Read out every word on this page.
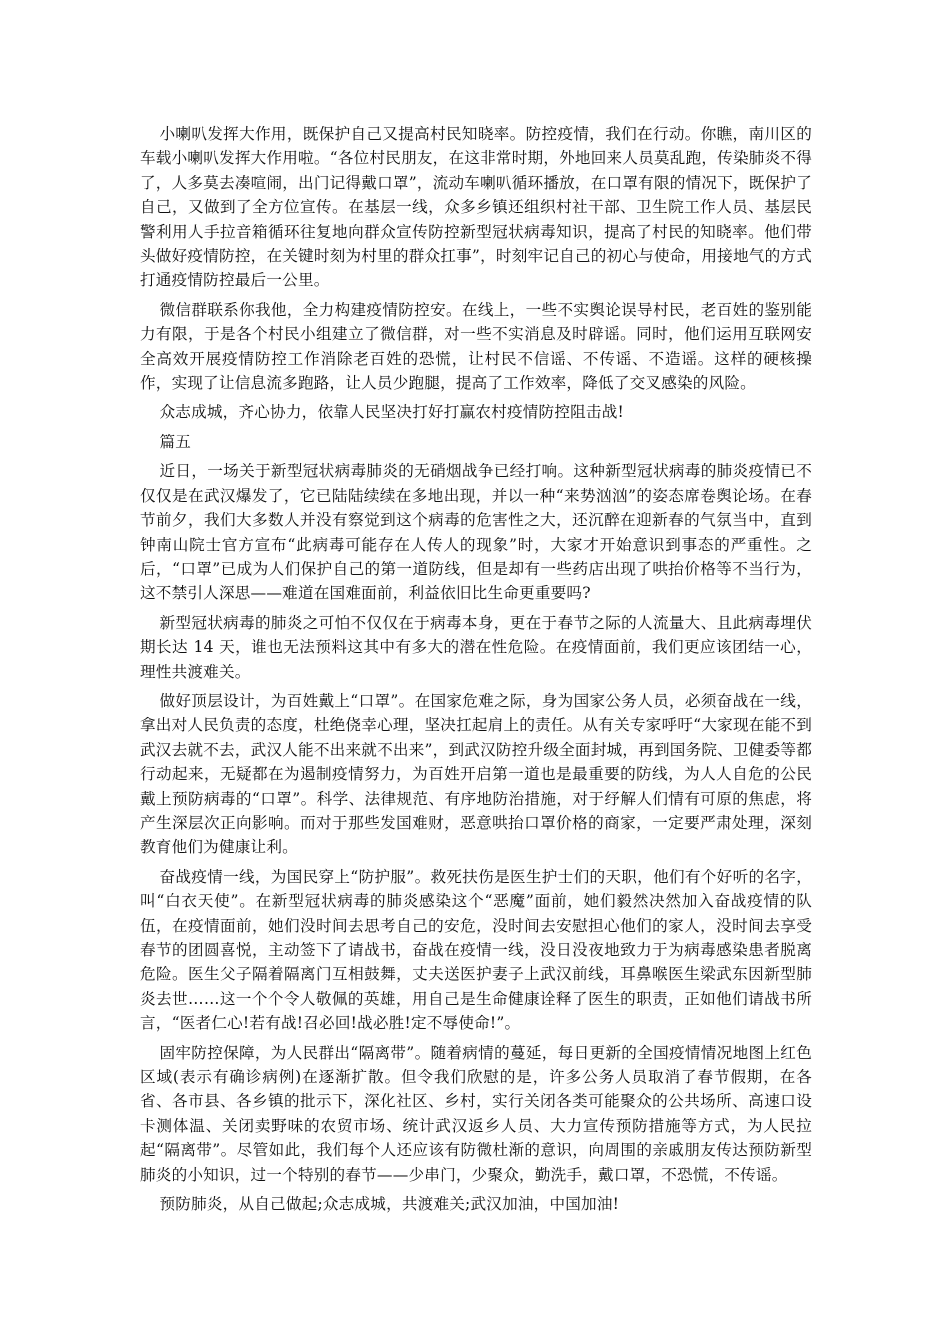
小喇叭发挥大作用，既保护自己又提高村民知晓率。防控疫情，我们在行动。你瞧，南川区的车载小喇叭发挥大作用啦。“各位村民朋友，在这非常时期，外地回来人员莫乱跑，传染肺炎不得了，人多莫去凑喧闹，出门记得戴口罩”，流动车喇叭循环播放，在口罩有限的情况下，既保护了自己，又做到了全方位宣传。在基层一线，众多乡镇还组织村社干部、卫生院工作人员、基层民警利用人手拉音箱循环往复地向群众宣传防控新型冠状病毒知识，提高了村民的知晓率。他们带头做好疫情防控，在关键时刻为村里的群众扛事”，时刻牢记自己的初心与使命，用接地气的方式打通疫情防控最后一公里。

微信群联系你我他，全力构建疫情防控安。在线上，一些不实舆论误导村民，老百姓的鉴别能力有限，于是各个村民小组建立了微信群，对一些不实消息及时辟谣。同时，他们运用互联网安全高效开展疫情防控工作消除老百姓的恐慌，让村民不信谣、不传谣、不造谣。这样的硬核操作，实现了让信息流多跑路，让人员少跑腿，提高了工作效率，降低了交叉感染的风险。

众志成城，齐心协力，依靠人民坚决打好打赢农村疫情防控阻击战!

篇五

近日，一场关于新型冠状病毒肺炎的无硝烟战争已经打响。这种新型冠状病毒的肺炎疫情已不仅仅是在武汉爆发了，它已陆陆续续在多地出现，并以一种“来势汹汹”的姿态席卷舆论场。在春节前夕，我们大多数人并没有察觉到这个病毒的危害性之大，还沉醉在迎新春的气氛当中，直到钟南山院士官方宣布“此病毒可能存在人传人的现象”时，大家才开始意识到事态的严重性。之后，“口罩”已成为人们保护自己的第一道防线，但是却有一些药店出现了哄抬价格等不当行为，这不禁引人深思——难道在国难面前，利益依旧比生命更重要吗?

新型冠状病毒的肺炎之可怕不仅仅在于病毒本身，更在于春节之际的人流量大、且此病毒埋伏期长达 14 天，谁也无法预料这其中有多大的潜在性危险。在疫情面前，我们更应该团结一心，理性共渡难关。

做好顶层设计，为百姓戴上“口罩”。在国家危难之际，身为国家公务人员，必须奋战在一线，拿出对人民负责的态度，杜绝侥幸心理，坚决扛起肩上的责任。从有关专家呼吁“大家现在能不到武汉去就不去，武汉人能不出来就不出来”，到武汉防控升级全面封城，再到国务院、卫健委等都行动起来，无疑都在为遏制疫情努力，为百姓开启第一道也是最重要的防线，为人人自危的公民戴上预防病毒的“口罩”。科学、法律规范、有序地防治措施，对于纾解人们情有可原的焦虑，将产生深层次正向影响。而对于那些发国难财，恶意哄抬口罩价格的商家，一定要严肃处理，深刻教育他们为健康让利。

奋战疫情一线，为国民穿上“防护服”。救死扶伤是医生护士们的天职，他们有个好听的名字，叫“白衣天使”。在新型冠状病毒的肺炎感染这个“恶魔”面前，她们毅然决然加入奋战疫情的队伍，在疫情面前，她们没时间去思考自己的安危，没时间去安慰担心他们的家人，没时间去享受春节的团圆喜悦，主动签下了请战书，奋战在疫情一线，没日没夜地致力于为病毒感染患者脱离危险。医生父子隔着隔离门互相鼓舞，丈夫送医护妻子上武汉前线，耳鼻喉医生梁武东因新型肺炎去世……这一个个令人敬佩的英雄，用自己是生命健康诠释了医生的职责，正如他们请战书所言，“医者仁心!若有战!召必回!战必胜!定不辱使命!”。

固牢防控保障，为人民群出“隔离带”。随着病情的蔓延，每日更新的全国疫情情况地图上红色区域(表示有确诊病例)在逐渐扩散。但令我们欣慰的是，许多公务人员取消了春节假期，在各省、各市县、各乡镇的批示下，深化社区、乡村，实行关闭各类可能聚众的公共场所、高速口设卡测体温、关闭卖野味的农贸市场、统计武汉返乡人员、大力宣传预防措施等方式，为人民拉起“隔离带”。尽管如此，我们每个人还应该有防微杜渐的意识，向周围的亲戚朋友传达预防新型肺炎的小知识，过一个特别的春节——少串门，少聚众，勤洗手，戴口罩，不恐慌，不传谣。

预防肺炎，从自己做起;众志成城，共渡难关;武汉加油，中国加油!
